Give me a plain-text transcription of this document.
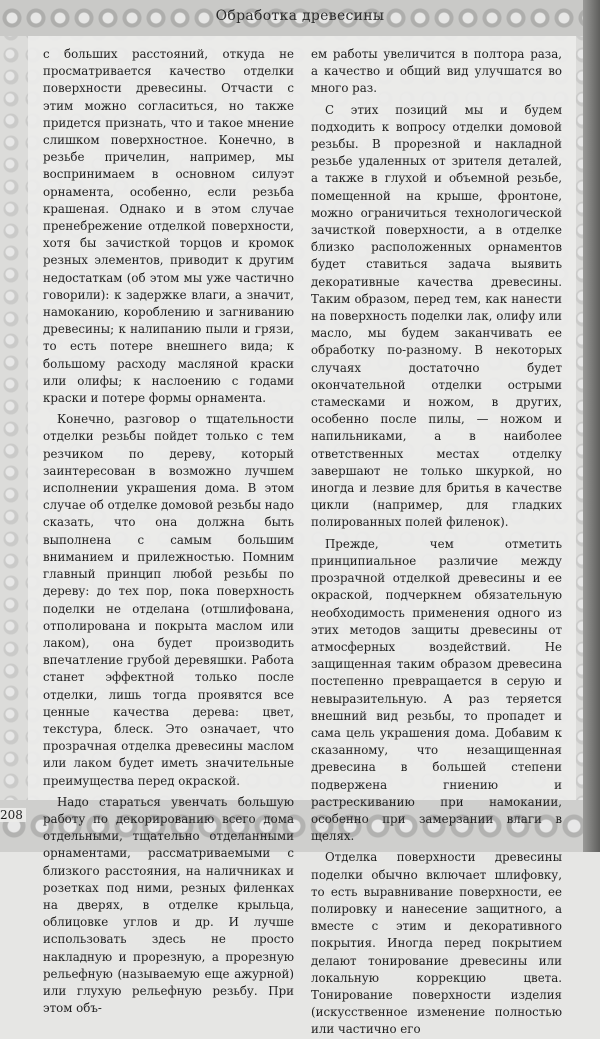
Обработка древесины

с больших расстояний, откуда не просматривается качество отделки поверхности древесины. Отчасти с этим можно согласиться, но также придется признать, что и такое мнение слишком поверхностное. Конечно, в резьбе причелин, например, мы воспринимаем в основном силуэт орнамента, особенно, если резьба крашеная. Однако и в этом случае пренебрежение отделкой поверхности, хотя бы зачисткой торцов и кромок резных элементов, приводит к другим недостаткам (об этом мы уже частично говорили): к задержке влаги, а значит, намоканию, короблению и загниванию древесины; к налипанию пыли и грязи, то есть потере внешнего вида; к большому расходу масляной краски или олифы; к наслоению с годами краски и потере формы орнамента.

Конечно, разговор о тщательности отделки резьбы пойдет только с тем резчиком по дереву, который заинтересован в возможно лучшем исполнении украшения дома. В этом случае об отделке домовой резьбы надо сказать, что она должна быть выполнена с самым большим вниманием и прилежностью. Помним главный принцип любой резьбы по дереву: до тех пор, пока поверхность поделки не отделана (отшлифована, отполирована и покрыта маслом или лаком), она будет производить впечатление грубой деревяшки. Работа станет эффектной только после отделки, лишь тогда проявятся все ценные качества дерева: цвет, текстура, блеск. Это означает, что прозрачная отделка древесины маслом или лаком будет иметь значительные преимущества перед окраской.

Надо стараться увенчать большую работу по декорированию всего дома отдельными, тщательно отделанными орнаментами, рассматриваемыми с близкого расстояния, на наличниках и розетках под ними, резных филенках на дверях, в отделке крыльца, облицовке углов и др. И лучше использовать здесь не просто накладную и прорезную, а прорезную рельефную (называемую еще ажурной) или глухую рельефную резьбу. При этом объ-

ем работы увеличится в полтора раза, а качество и общий вид улучшатся во много раз.

С этих позиций мы и будем подходить к вопросу отделки домовой резьбы. В прорезной и накладной резьбе удаленных от зрителя деталей, а также в глухой и объемной резьбе, помещенной на крыше, фронтоне, можно ограничиться технологической зачисткой поверхности, а в отделке близко расположенных орнаментов будет ставиться задача выявить декоративные качества древесины. Таким образом, перед тем, как нанести на поверхность поделки лак, олифу или масло, мы будем заканчивать ее обработку по-разному. В некоторых случаях достаточно будет окончательной отделки острыми стамесками и ножом, в других, особенно после пилы, — ножом и напильниками, а в наиболее ответственных местах отделку завершают не только шкуркой, но иногда и лезвие для бритья в качестве цикли (например, для гладких полированных полей филенок).

Прежде, чем отметить принципиальное различие между прозрачной отделкой древесины и ее окраской, подчеркнем обязательную необходимость применения одного из этих методов защиты древесины от атмосферных воздействий. Не защищенная таким образом древесина постепенно превращается в серую и невыразительную. А раз теряется внешний вид резьбы, то пропадет и сама цель украшения дома. Добавим к сказанному, что незащищенная древесина в большей степени подвержена гниению и растрескиванию при намокании, особенно при замерзании влаги в щелях.

Отделка поверхности древесины поделки обычно включает шлифовку, то есть выравнивание поверхности, ее полировку и нанесение защитного, а вместе с этим и декоративного покрытия. Иногда перед покрытием делают тонирование древесины или локальную коррекцию цвета. Тонирование поверхности изделия (искусственное изменение полностью или частично его

208
